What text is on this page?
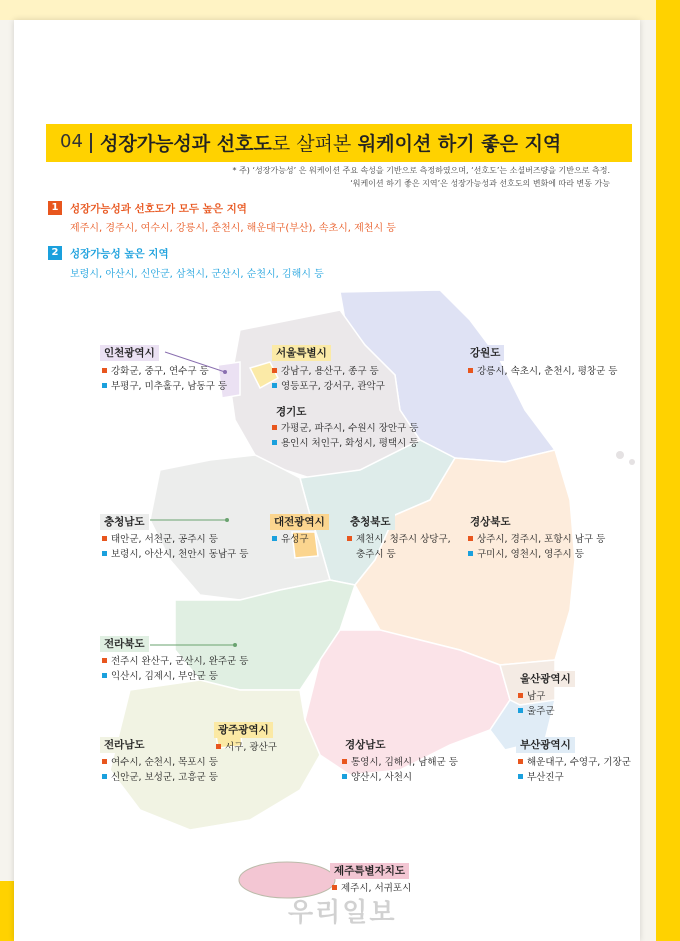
04 성장가능성과 선호도로 살펴본 워케이션 하기 좋은 지역
* 주) ‘성장가능성’ 은 워케이션 주요 속성을 기반으로 측정하였으며, ‘선호도’는 소셜버즈량을 기반으로 측정.
‘워케이션 하기 좋은 지역’은 성장가능성과 선호도의 변화에 따라 변동 가능
1	성장가능성과 선호도가 모두 높은 지역
제주시, 경주시, 여수시, 강릉시, 춘천시, 해운대구(부산), 속초시, 제천시 등
2	성장가능성 높은 지역
보령시, 아산시, 신안군, 삼척시, 군산시, 순천시, 김해시 등
인천광역시
강화군, 중구, 연수구 등
부평구, 미추홀구, 남동구 등
서울특별시
강남구, 용산구, 종구 등
영등포구, 강서구, 관악구
강원도
강릉시, 속초시, 춘천시, 평창군 등
경기도
가평군, 파주시, 수원시 장안구 등
용인시 처인구, 화성시, 평택시 등
충청남도
태안군, 서천군, 공주시 등
보령시, 아산시, 천안시 동남구 등
대전광역시
유성구
충청북도
제천시, 청주시 상당구,
충주시 등
경상북도
상주시, 경주시, 포항시 남구 등
구미시, 영천시, 영주시 등
전라북도
전주시 완산구, 군산시, 완주군 등
익산시, 김제시, 부안군 등	울산광역시
남구
울주군
광주광역시
서구, 광산구
전라남도
여수시, 순천시, 목포시 등
신안군, 보성군, 고흥군 등
경상남도
통영시, 김해시, 남해군 등
양산시, 사천시
부산광역시
해운대구, 수영구, 기장군
부산진구
제주특별자치도
제주시, 서귀포시
우리일보
